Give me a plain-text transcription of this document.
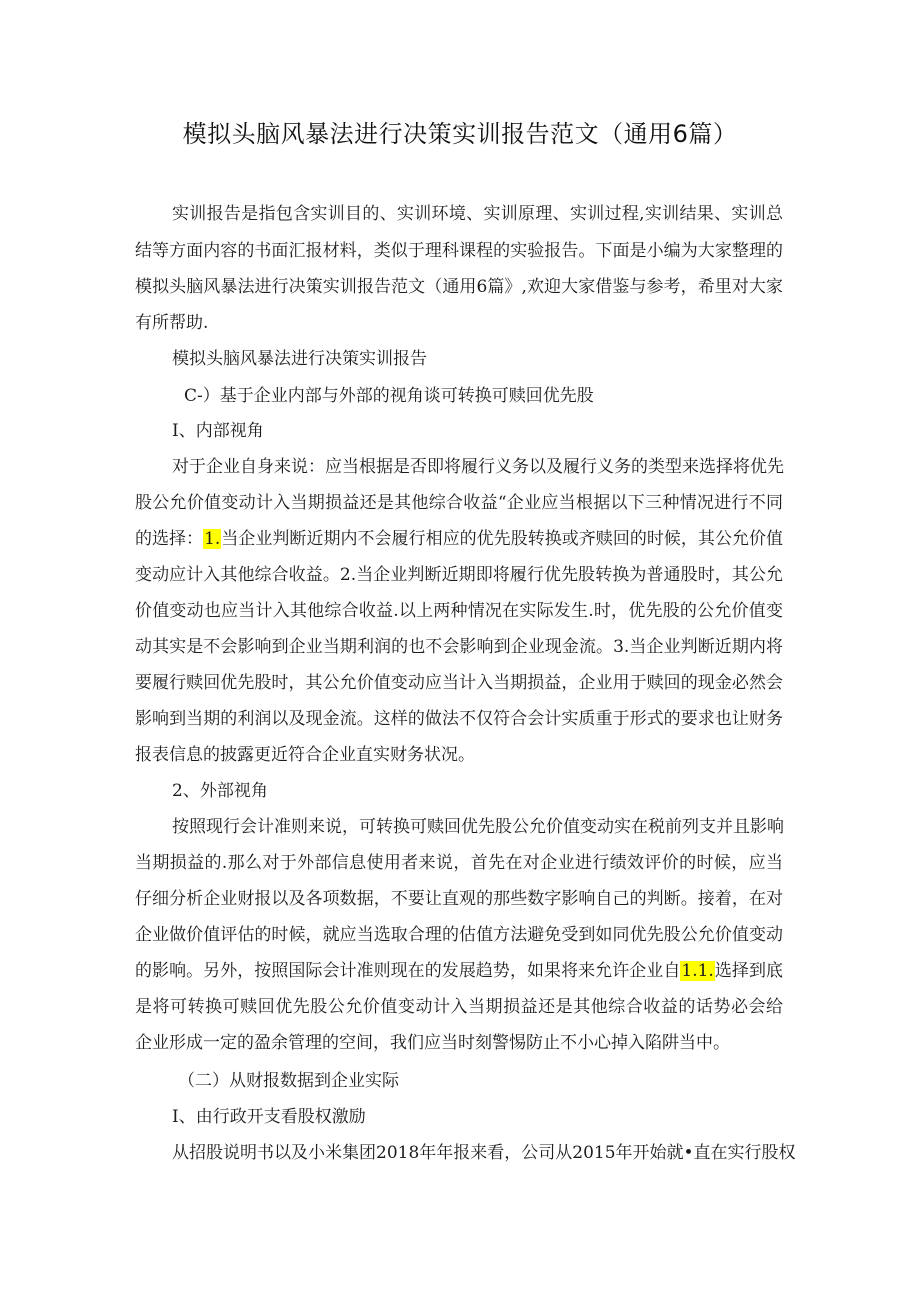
模拟头脑风暴法进行决策实训报告范文（通用6篇）
实训报告是指包含实训目的、实训环境、实训原理、实训过程,实训结果、实训总
结等方面内容的书面汇报材料，类似于理科课程的实验报告。下面是小编为大家整理的
模拟头脑风暴法进行决策实训报告范文（通用6篇》,欢迎大家借鉴与参考，希里对大家
有所帮助.
模拟头脑风暴法进行决策实训报告
C-）基于企业内部与外部的视角谈可转换可赎回优先股
I、内部视角
对于企业自身来说：应当根据是否即将履行义务以及履行义务的类型来选择将优先
股公允价值变动计入当期损益还是其他综合收益“企业应当根据以下三种情况进行不同
的选择：1.当企业判断近期内不会履行相应的优先股转换或齐赎回的时候，其公允价值
变动应计入其他综合收益。2.当企业判断近期即将履行优先股转换为普通股时，其公允
价值变动也应当计入其他综合收益.以上两种情况在实际发生.时，优先股的公允价值变
动其实是不会影响到企业当期利润的也不会影响到企业现金流。3.当企业判断近期内将
要履行赎回优先股时，其公允价值变动应当计入当期损益，企业用于赎回的现金必然会
影响到当期的利润以及现金流。这样的做法不仅符合会计实质重于形式的要求也让财务
报表信息的披露更近符合企业直实财务状况。
2、外部视角
按照现行会计准则来说，可转换可赎回优先股公允价值变动实在税前列支并且影响
当期损益的.那么对于外部信息使用者来说，首先在对企业进行绩效评价的时候，应当
仔细分析企业财报以及各项数据，不要让直观的那些数字影响自己的判断。接着，在对
企业做价值评估的时候，就应当选取合理的估值方法避免受到如同优先股公允价值变动
的影响。另外，按照国际会计准则现在的发展趋势，如果将来允许企业自1.1.选择到底
是将可转换可赎回优先股公允价值变动计入当期损益还是其他综合收益的话势必会给
企业形成一定的盈余管理的空间，我们应当时刻警惕防止不小心掉入陷阱当中。
（二）从财报数据到企业实际
I、由行政开支看股权激励
从招股说明书以及小米集团2018年年报来看，公司从2015年开始就•直在实行股权
